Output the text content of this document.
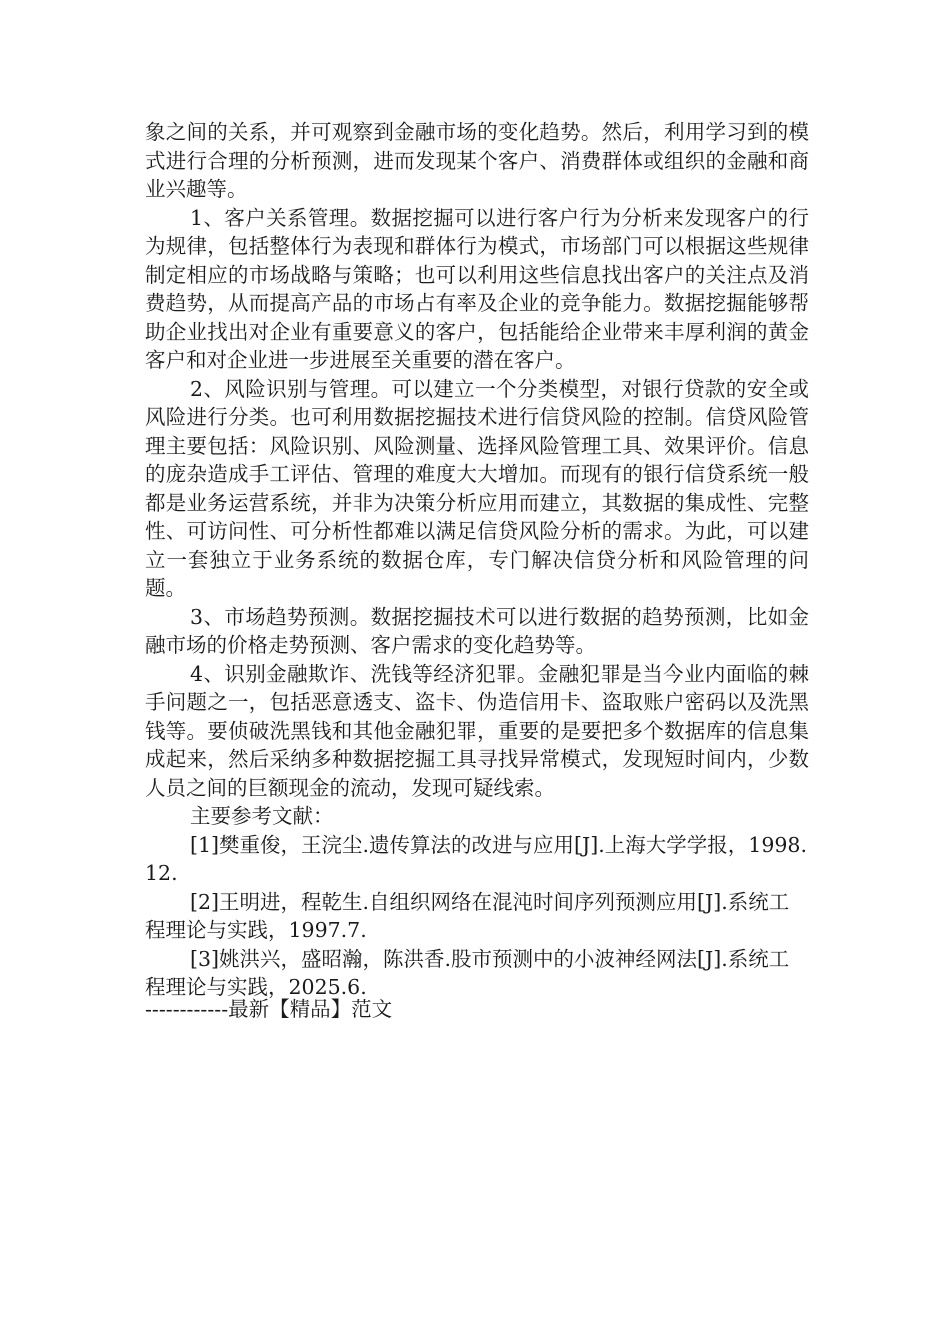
象之间的关系，并可观察到金融市场的变化趋势。然后，利用学习到的模式进行合理的分析预测，进而发现某个客户、消费群体或组织的金融和商业兴趣等。

1、客户关系管理。数据挖掘可以进行客户行为分析来发现客户的行为规律，包括整体行为表现和群体行为模式，市场部门可以根据这些规律制定相应的市场战略与策略；也可以利用这些信息找出客户的关注点及消费趋势，从而提高产品的市场占有率及企业的竞争能力。数据挖掘能够帮助企业找出对企业有重要意义的客户，包括能给企业带来丰厚利润的黄金客户和对企业进一步进展至关重要的潜在客户。

2、风险识别与管理。可以建立一个分类模型，对银行贷款的安全或风险进行分类。也可利用数据挖掘技术进行信贷风险的控制。信贷风险管理主要包括：风险识别、风险测量、选择风险管理工具、效果评价。信息的庞杂造成手工评估、管理的难度大大增加。而现有的银行信贷系统一般都是业务运营系统，并非为决策分析应用而建立，其数据的集成性、完整性、可访问性、可分析性都难以满足信贷风险分析的需求。为此，可以建立一套独立于业务系统的数据仓库，专门解决信贷分析和风险管理的问题。

3、市场趋势预测。数据挖掘技术可以进行数据的趋势预测，比如金融市场的价格走势预测、客户需求的变化趋势等。

4、识别金融欺诈、洗钱等经济犯罪。金融犯罪是当今业内面临的棘手问题之一，包括恶意透支、盗卡、伪造信用卡、盗取账户密码以及洗黑钱等。要侦破洗黑钱和其他金融犯罪，重要的是要把多个数据库的信息集成起来，然后采纳多种数据挖掘工具寻找异常模式，发现短时间内，少数人员之间的巨额现金的流动，发现可疑线索。

主要参考文献：

[1]樊重俊，王浣尘.遗传算法的改进与应用[J].上海大学学报，1998.12.

[2]王明进，程乾生.自组织网络在混沌时间序列预测应用[J].系统工程理论与实践，1997.7.

[3]姚洪兴，盛昭瀚，陈洪香.股市预测中的小波神经网法[J].系统工程理论与实践，2025.6.

------------最新【精品】范文
